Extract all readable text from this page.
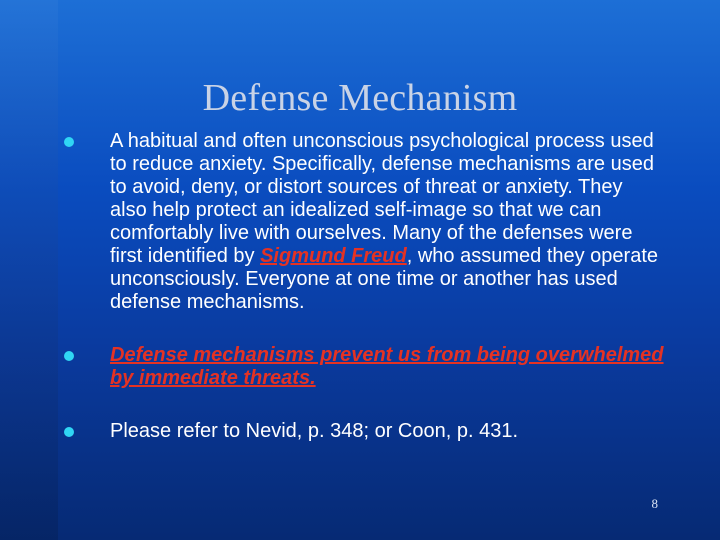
Defense Mechanism
A habitual and often unconscious psychological process used to reduce anxiety. Specifically, defense mechanisms are used to avoid, deny, or distort sources of threat or anxiety. They also help protect an idealized self-image so that we can comfortably live with ourselves. Many of the defenses were first identified by Sigmund Freud, who assumed they operate unconsciously. Everyone at one time or another has used defense mechanisms.
Defense mechanisms prevent us from being overwhelmed by immediate threats.
Please refer to Nevid, p. 348; or Coon, p. 431.
8
